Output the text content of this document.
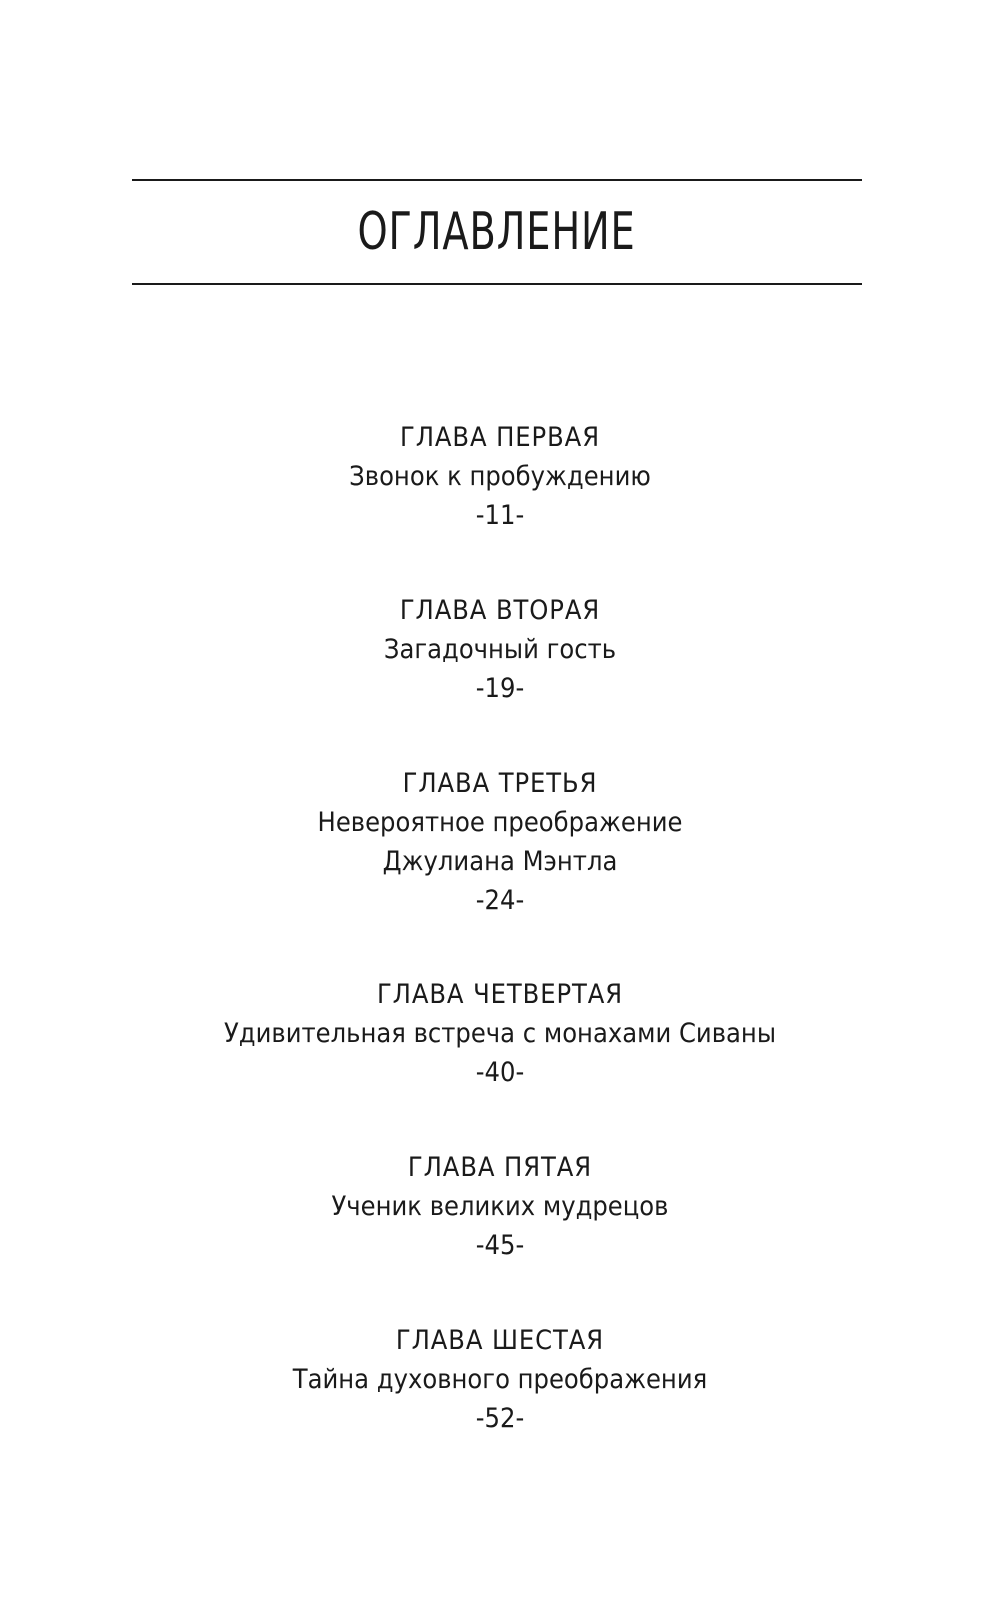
ОГЛАВЛЕНИЕ
ГЛАВА ПЕРВАЯ
Звонок к пробуждению
-11-
ГЛАВА ВТОРАЯ
Загадочный гость
-19-
ГЛАВА ТРЕТЬЯ
Невероятное преображение
Джулиана Мэнтла
-24-
ГЛАВА ЧЕТВЕРТАЯ
Удивительная встреча с монахами Сиваны
-40-
ГЛАВА ПЯТАЯ
Ученик великих мудрецов
-45-
ГЛАВА ШЕСТАЯ
Тайна духовного преображения
-52-
